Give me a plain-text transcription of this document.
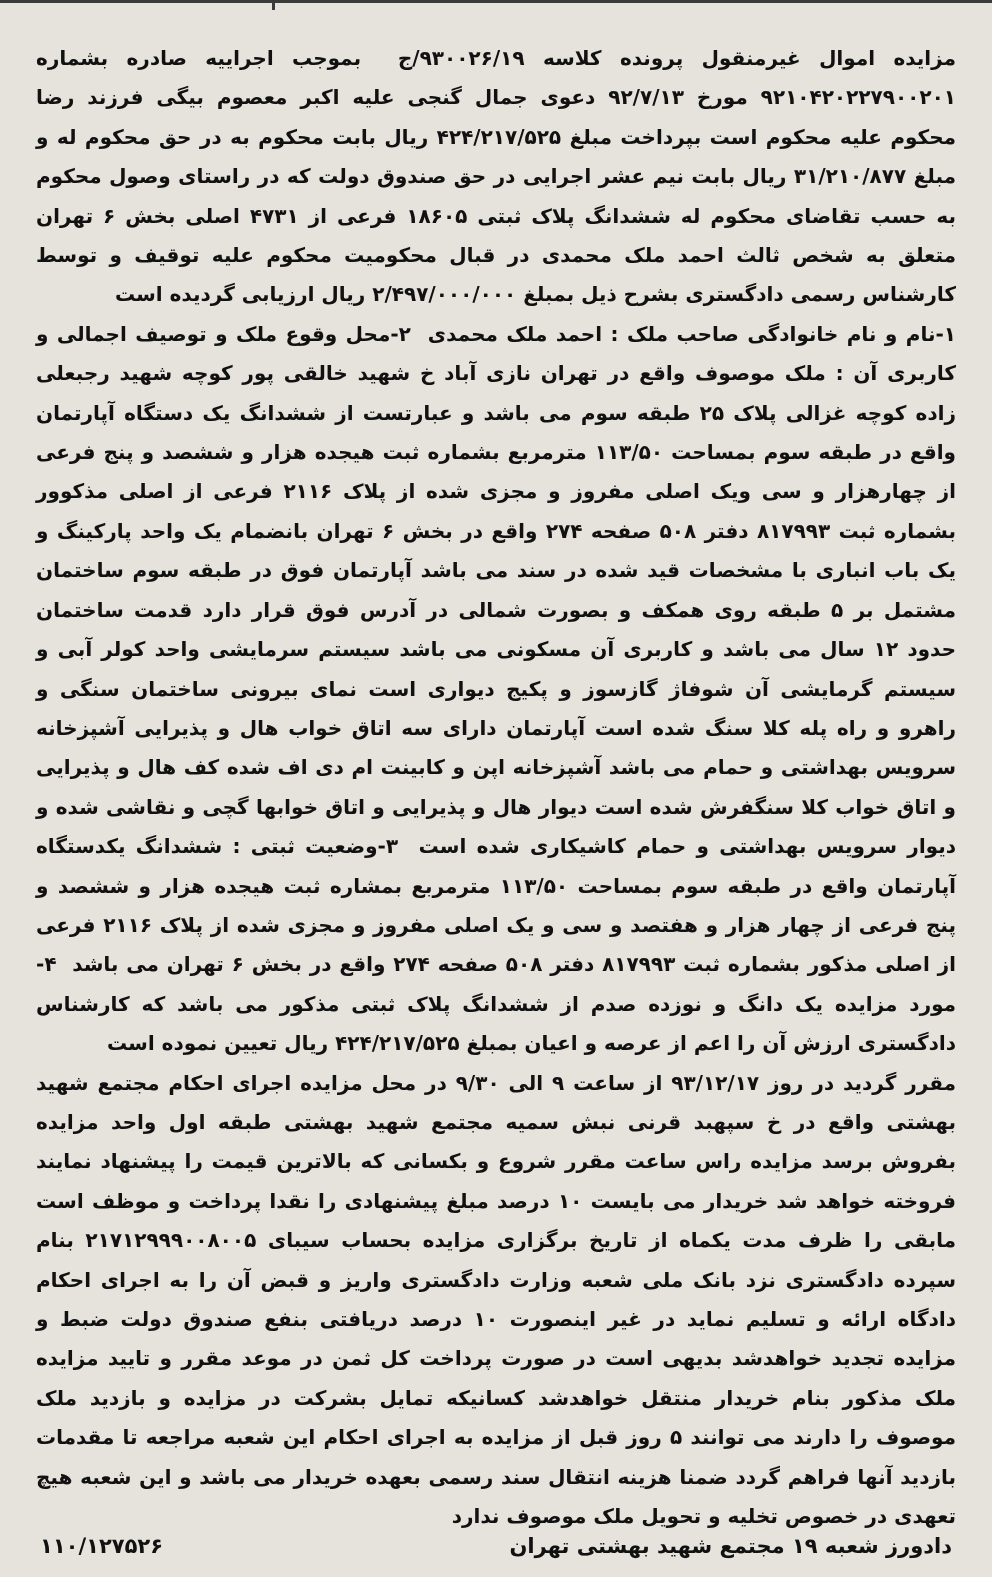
مزایده اموال غیرمنقول پرونده کلاسه ۹۳۰۰۲۶/۱۹/ج  بموجب اجراییه صادره بشماره ۹۲۱۰۴۲۰۲۲۷۹۰۰۲۰۱ مورخ ۹۲/۷/۱۳ دعوی جمال گنجی علیه اکبر معصوم بیگی فرزند رضا محکوم علیه محکوم است بپرداخت مبلغ ۴۲۴/۲۱۷/۵۲۵ ریال بابت محکوم به در حق محکوم له و مبلغ ۳۱/۲۱۰/۸۷۷ ریال بابت نیم عشر اجرایی در حق صندوق دولت که در راستای وصول محکوم به حسب تقاضای محکوم له ششدانگ پلاک ثبتی ۱۸۶۰۵ فرعی از ۴۷۳۱ اصلی بخش ۶ تهران متعلق به شخص ثالث احمد ملک محمدی در قبال محکومیت محکوم علیه توقیف و توسط کارشناس رسمی دادگستری بشرح ذیل بمبلغ ۲/۴۹۷/۰۰۰/۰۰۰ ریال ارزیابی گردیده است

۱-نام و نام خانوادگی صاحب ملک : احمد ملک محمدی  ۲-محل وقوع ملک و توصیف اجمالی و کاربری آن : ملک موصوف واقع در تهران نازی آباد خ شهید خالقی پور کوچه شهید رجبعلی زاده کوچه غزالی پلاک ۲۵ طبقه سوم می باشد و عبارتست از ششدانگ یک دستگاه آپارتمان واقع در طبقه سوم بمساحت ۱۱۳/۵۰ مترمربع بشماره ثبت هیجده هزار و ششصد و پنج فرعی از چهارهزار و سی ویک اصلی مفروز و مجزی شده از پلاک ۲۱۱۶ فرعی از اصلی مذکوور بشماره ثبت ۸۱۷۹۹۳ دفتر ۵۰۸ صفحه ۲۷۴ واقع در بخش ۶ تهران بانضمام یک واحد پارکینگ و یک باب انباری با مشخصات قید شده در سند می باشد آپارتمان فوق در طبقه سوم ساختمان مشتمل بر ۵ طبقه روی همکف و بصورت شمالی در آدرس فوق قرار دارد قدمت ساختمان حدود ۱۲ سال می باشد و کاربری آن مسکونی می باشد سیستم سرمایشی واحد کولر آبی و سیستم گرمایشی آن شوفاژ گازسوز و پکیج دیواری است نمای بیرونی ساختمان سنگی و راهرو و راه پله کلا سنگ شده است آپارتمان دارای سه اتاق خواب هال و پذیرایی آشپزخانه سرویس بهداشتی و حمام می باشد آشپزخانه اپن و کابینت ام دی اف شده کف هال و پذیرایی و اتاق خواب کلا سنگفرش شده است دیوار هال و پذیرایی و اتاق خوابها گچی و نقاشی شده و دیوار سرویس بهداشتی و حمام کاشیکاری شده است  ۳-وضعیت ثبتی : ششدانگ یکدستگاه آپارتمان واقع در طبقه سوم بمساحت ۱۱۳/۵۰ مترمربع بمشاره ثبت هیجده هزار و ششصد و پنج فرعی از چهار هزار و هفتصد و سی و یک اصلی مفروز و مجزی شده از پلاک ۲۱۱۶ فرعی از اصلی مذکور بشماره ثبت ۸۱۷۹۹۳ دفتر ۵۰۸ صفحه ۲۷۴ واقع در بخش ۶ تهران می باشد  ۴-مورد مزایده یک دانگ و نوزده صدم از ششدانگ پلاک ثبتی مذکور می باشد که کارشناس دادگستری ارزش آن را اعم از عرصه و اعیان بمبلغ ۴۲۴/۲۱۷/۵۲۵ ریال تعیین نموده است

مقرر گردید در روز ۹۳/۱۲/۱۷ از ساعت ۹ الی ۹/۳۰ در محل مزایده اجرای احکام مجتمع شهید بهشتی واقع در خ سپهبد قرنی نبش سمیه مجتمع شهید بهشتی طبقه اول واحد مزایده بفروش برسد مزایده راس ساعت مقرر شروع و بکسانی که بالاترین قیمت را پیشنهاد نمایند فروخته خواهد شد خریدار می بایست ۱۰ درصد مبلغ پیشنهادی را نقدا پرداخت و موظف است مابقی را ظرف مدت یکماه از تاریخ برگزاری مزایده بحساب سیبای ۲۱۷۱۲۹۹۹۰۰۸۰۰۵ بنام سپرده دادگستری نزد بانک ملی شعبه وزارت دادگستری واریز و قبض آن را به اجرای احکام دادگاه ارائه و تسلیم نماید در غیر اینصورت ۱۰ درصد دریافتی بنفع صندوق دولت ضبط و مزایده تجدید خواهدشد بدیهی است در صورت پرداخت کل ثمن در موعد مقرر و تایید مزایده ملک مذکور بنام خریدار منتقل خواهدشد کسانیکه تمایل بشرکت در مزایده و بازدید ملک موصوف را دارند می توانند ۵ روز قبل از مزایده به اجرای احکام این شعبه مراجعه تا مقدمات بازدید آنها فراهم گردد ضمنا هزینه انتقال سند رسمی بعهده خریدار می باشد و این شعبه هیچ تعهدی در خصوص تخلیه و تحویل ملک موصوف ندارد

دادورز شعبه ۱۹ مجتمع شهید بهشتی تهران
۱۱۰/۱۲۷۵۲۶
